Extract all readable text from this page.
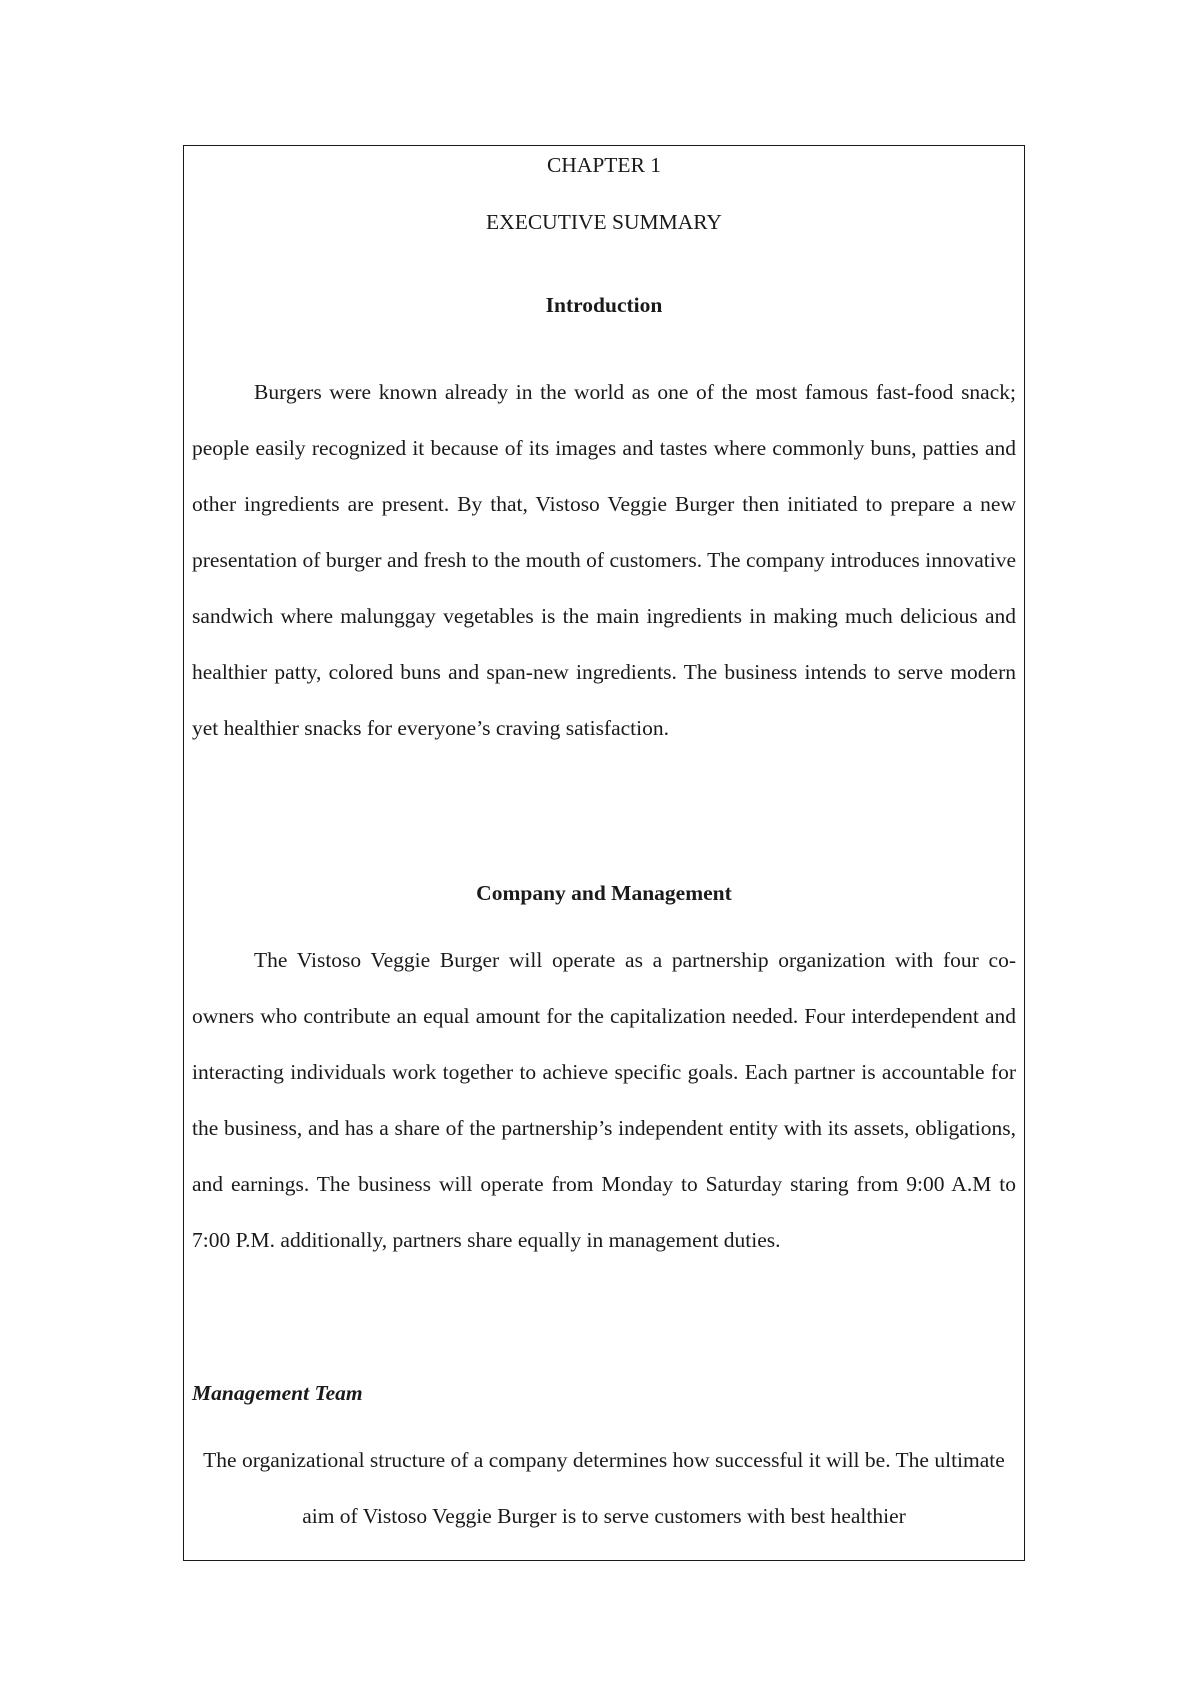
CHAPTER 1
EXECUTIVE SUMMARY
Introduction

Burgers were known already in the world as one of the most famous fast-food snack; people easily recognized it because of its images and tastes where commonly buns, patties and other ingredients are present. By that, Vistoso Veggie Burger then initiated to prepare a new presentation of burger and fresh to the mouth of customers. The company introduces innovative sandwich where malunggay vegetables is the main ingredients in making much delicious and healthier patty, colored buns and span-new ingredients. The business intends to serve modern yet healthier snacks for everyone’s craving satisfaction.

Company and Management

The Vistoso Veggie Burger will operate as a partnership organization with four co-owners who contribute an equal amount for the capitalization needed. Four interdependent and interacting individuals work together to achieve specific goals. Each partner is accountable for the business, and has a share of the partnership’s independent entity with its assets, obligations, and earnings. The business will operate from Monday to Saturday staring from 9:00 A.M to 7:00 P.M. additionally, partners share equally in management duties.

Management Team

The organizational structure of a company determines how successful it will be. The ultimate aim of Vistoso Veggie Burger is to serve customers with best healthier
